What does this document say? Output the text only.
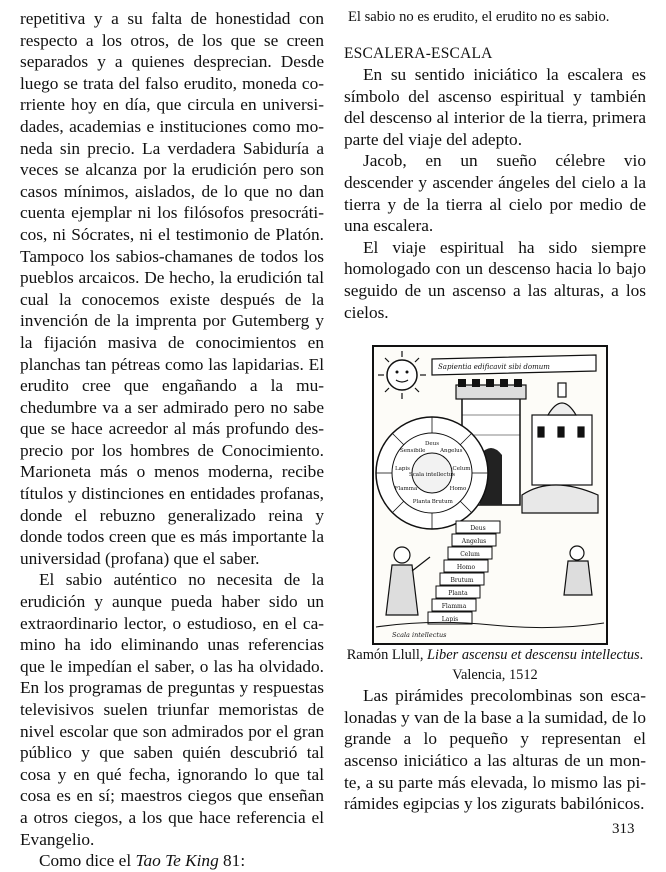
repetitiva y a su falta de honestidad con respecto a los otros, de los que se creen separados y a quienes desprecian. Desde luego se trata del falso erudito, moneda corriente hoy en día, que circula en universidades, academias e instituciones como moneda sin precio. La verdadera Sabiduría a veces se alcanza por la erudición pero son casos mínimos, aislados, de lo que no dan cuenta ejemplar ni los filósofos presocráticos, ni Sócrates, ni el testimonio de Platón. Tampoco los sabios-chamanes de todos los pueblos arcaicos. De hecho, la erudición tal cual la conocemos existe después de la invención de la imprenta por Gutemberg y la fijación masiva de conocimientos en planchas tan pétreas como las lapidarias. El erudito cree que engañando a la muchedumbre va a ser admirado pero no sabe que se hace acreedor al más profundo desprecio por los hombres de Conocimiento. Marioneta más o menos moderna, recibe títulos y distinciones en entidades profanas, donde el rebuzno generalizado reina y donde todos creen que es más importante la universidad (profana) que el saber.

El sabio auténtico no necesita de la erudición y aunque pueda haber sido un extraordinario lector, o estudioso, en el camino ha ido eliminando unas referencias que le impedían el saber, o las ha olvidado. En los programas de preguntas y respuestas televisivos suelen triunfar memoristas de nivel escolar que son admirados por el gran público y que saben quién descubrió tal cosa y en qué fecha, ignorando lo que tal cosa es en sí; maestros ciegos que enseñan a otros ciegos, a los que hace referencia el Evangelio.

Como dice el Tao Te King 81:

El sabio no es erudito, el erudito no es sabio.

ESCALERA-ESCALA

En su sentido iniciático la escalera es símbolo del ascenso espiritual y también del descenso al interior de la tierra, primera parte del viaje del adepto.

Jacob, en un sueño célebre vio descender y ascender ángeles del cielo a la tierra y de la tierra al cielo por medio de una escalera.

El viaje espiritual ha sido siempre homologado con un descenso hacia lo bajo seguido de un ascenso a las alturas, a los cielos.

Sapientia edificavit sibi domum
Scala intellectus
Deus
Angelus
Celum
Homo
Brutum
Planta
Flamma
Lapis
Sensibile
Deus
Angelus
Celum
Homo
Brutum
Planta
Flamma
Lapis
Scala intellectus

Ramón Llull, Liber ascensu et descensu intellectus. Valencia, 1512

Las pirámides precolombinas son escalonadas y van de la base a la sumidad, de lo grande a lo pequeño y representan el ascenso iniciático a las alturas de un monte, a su parte más elevada, lo mismo las pirámides egipcias y los zigurats babilónicos.

313
